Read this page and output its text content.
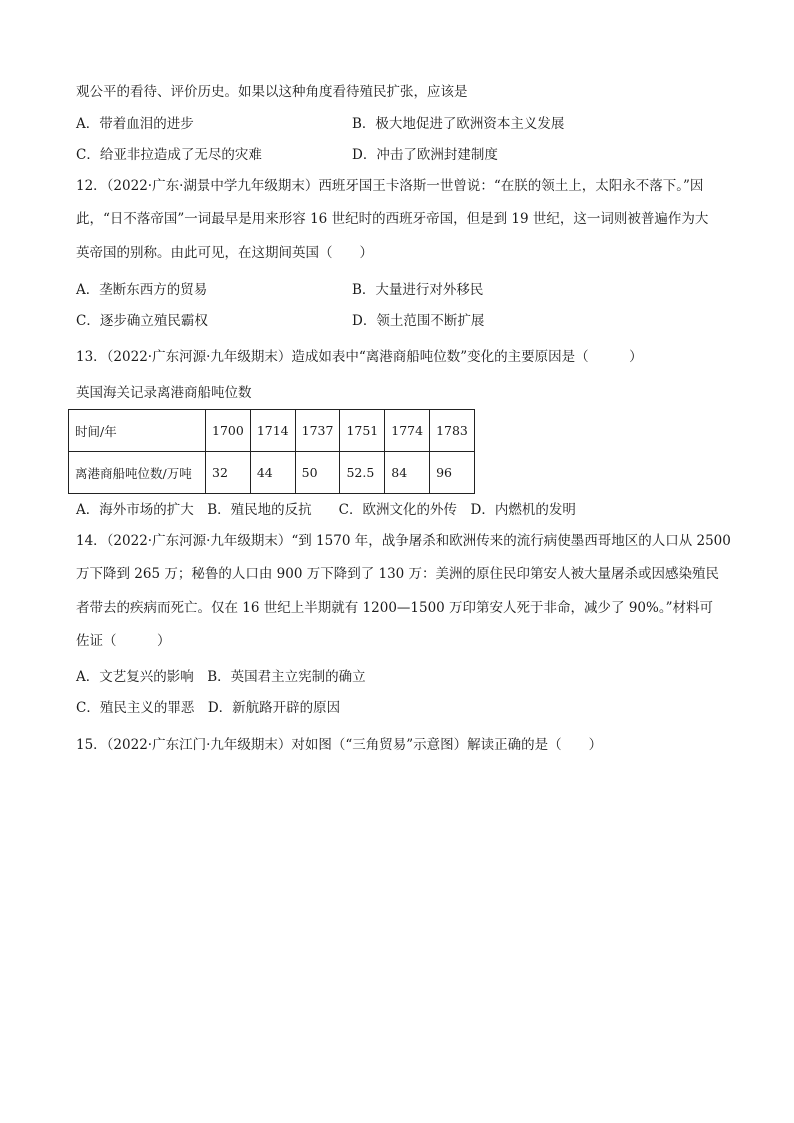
观公平的看待、评价历史。如果以这种角度看待殖民扩张，应该是
A．带着血泪的进步	B．极大地促进了欧洲资本主义发展
C．给亚非拉造成了无尽的灾难	D．冲击了欧洲封建制度
12．（2022·广东·湖景中学九年级期末）西班牙国王卡洛斯一世曾说：“在朕的领土上，太阳永不落下。”因
此，“日不落帝国”一词最早是用来形容 16 世纪时的西班牙帝国，但是到 19 世纪，这一词则被普遍作为大
英帝国的别称。由此可见，在这期间英国（　　）
A．垄断东西方的贸易	B．大量进行对外移民
C．逐步确立殖民霸权	D．领土范围不断扩展
13．（2022·广东河源·九年级期末）造成如表中“离港商船吨位数”变化的主要原因是（　　　）
英国海关记录离港商船吨位数
时间/年	1700	1714	1737	1751	1774	1783
离港商船吨位数/万吨	32	44	50	52.5	84	96
A．海外市场的扩大　B．殖民地的反抗　　C．欧洲文化的外传　D．内燃机的发明
14．（2022·广东河源·九年级期末）“到 1570 年，战争屠杀和欧洲传来的流行病使墨西哥地区的人口从 2500
万下降到 265 万；秘鲁的人口由 900 万下降到了 130 万：美洲的原住民印第安人被大量屠杀或因感染殖民
者带去的疾病而死亡。仅在 16 世纪上半期就有 1200—1500 万印第安人死于非命，减少了 90%。”材料可
佐证（　　　）
A．文艺复兴的影响　B．英国君主立宪制的确立
C．殖民主义的罪恶　D．新航路开辟的原因
15．（2022·广东江门·九年级期末）对如图（“三角贸易”示意图）解读正确的是（　　）
